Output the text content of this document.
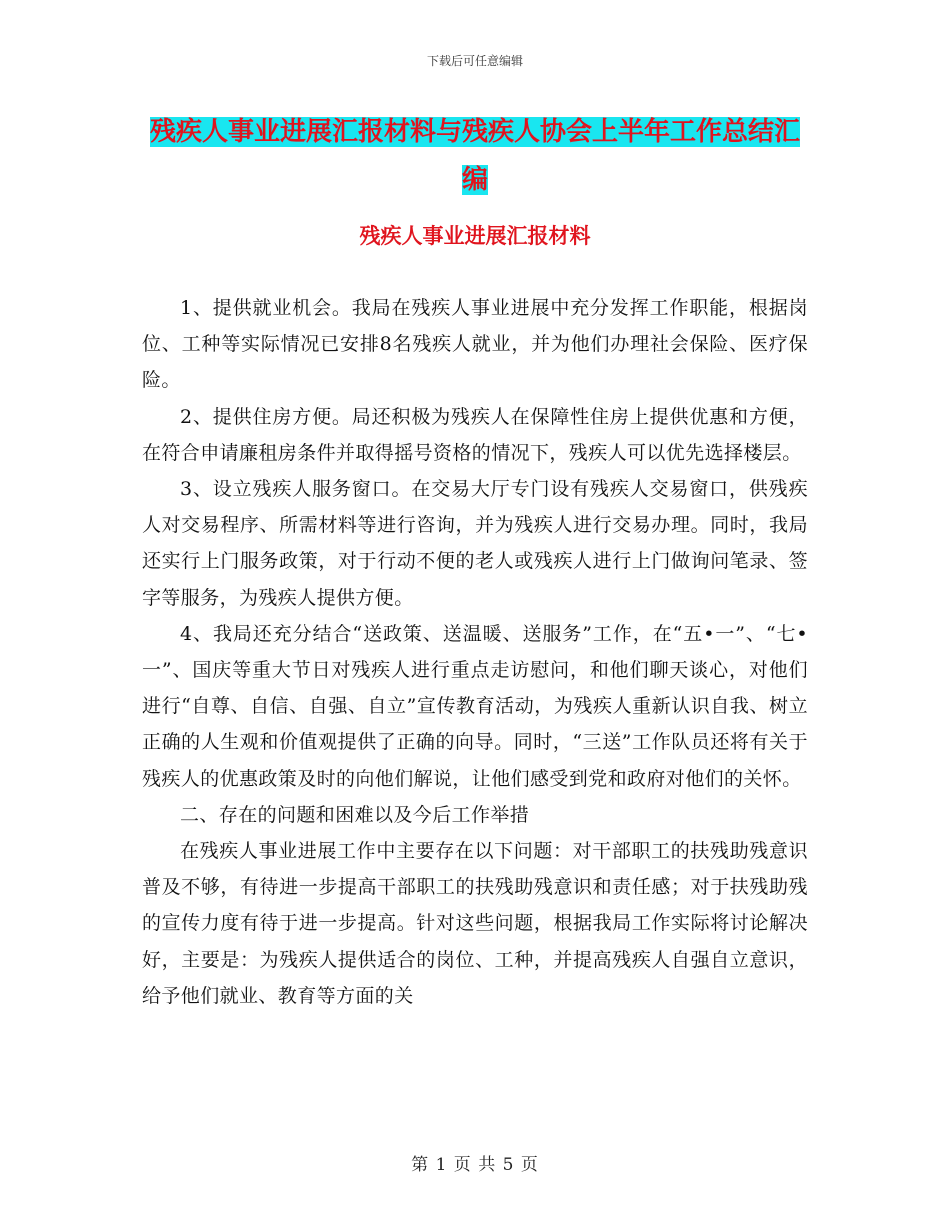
下载后可任意编辑
残疾人事业进展汇报材料与残疾人协会上半年工作总结汇编
残疾人事业进展汇报材料

1、提供就业机会。我局在残疾人事业进展中充分发挥工作职能，根据岗位、工种等实际情况已安排8名残疾人就业，并为他们办理社会保险、医疗保险。

2、提供住房方便。局还积极为残疾人在保障性住房上提供优惠和方便，在符合申请廉租房条件并取得摇号资格的情况下，残疾人可以优先选择楼层。

3、设立残疾人服务窗口。在交易大厅专门设有残疾人交易窗口，供残疾人对交易程序、所需材料等进行咨询，并为残疾人进行交易办理。同时，我局还实行上门服务政策，对于行动不便的老人或残疾人进行上门做询问笔录、签字等服务，为残疾人提供方便。

4、我局还充分结合“送政策、送温暖、送服务”工作，在“五•一”、“七•一”、国庆等重大节日对残疾人进行重点走访慰问，和他们聊天谈心，对他们进行“自尊、自信、自强、自立”宣传教育活动，为残疾人重新认识自我、树立正确的人生观和价值观提供了正确的向导。同时，“三送”工作队员还将有关于残疾人的优惠政策及时的向他们解说，让他们感受到党和政府对他们的关怀。

二、存在的问题和困难以及今后工作举措

在残疾人事业进展工作中主要存在以下问题：对干部职工的扶残助残意识普及不够，有待进一步提高干部职工的扶残助残意识和责任感；对于扶残助残的宣传力度有待于进一步提高。针对这些问题，根据我局工作实际将讨论解决好，主要是：为残疾人提供适合的岗位、工种，并提高残疾人自强自立意识，给予他们就业、教育等方面的关

第 1 页 共 5 页
